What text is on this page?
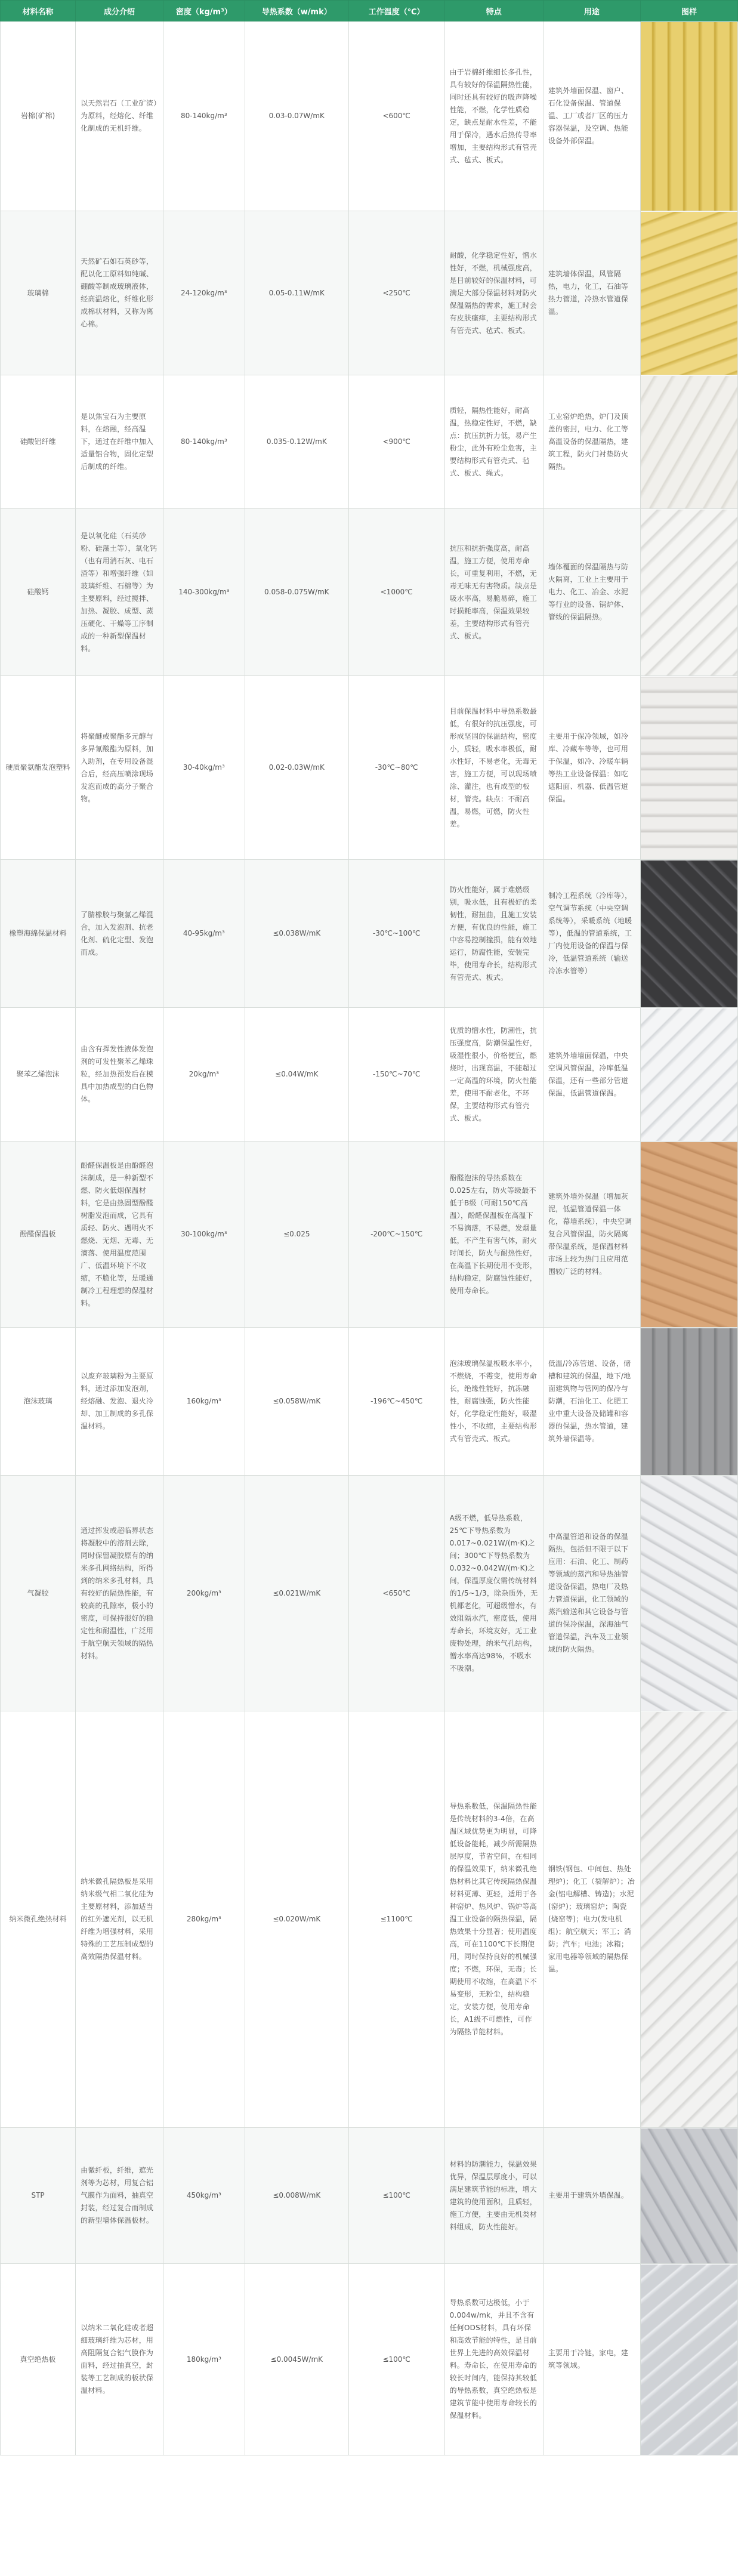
材料名称	成分介绍	密度（kg/m³）	导热系数（w/mk）	工作温度（℃）	特点	用途	图样
岩棉(矿棉)	以天然岩石（工业矿渣）为原料，经熔化、纤维化制成的无机纤维。	80-140kg/m³	0.03-0.07W/mK	<600℃	由于岩棉纤维细长多孔性，具有较好的保温隔热性能，同时还具有较好的吸声降噪性能，不燃，化学性质稳定，缺点是耐水性差，不能用于保冷，遇水后热传导率增加，主要结构形式有管壳式、毡式、板式。	建筑外墙面保温、窗户、石化设备保温、管道保温、工厂或者厂区的压力容器保温，及空调、热能设备外部保温。	

玻璃棉	天然矿石如石英砂等，配以化工原料如纯碱、硼酸等制成玻璃液体，经高温熔化，纤维化形成棉状材料，又称为离心棉。	24-120kg/m³	0.05-0.11W/mK	<250℃	耐酸，化学稳定性好，憎水性好，不燃，机械强度高，是目前较好的保温材料，可满足大部分保温材料对防火保温隔热的需求，施工时会有皮肤瘙痒，主要结构形式有管壳式、毡式、板式。	建筑墙体保温，风管隔热，电力，化工，石油等热力管道，冷热水管道保温。	

硅酸铝纤维	是以焦宝石为主要原料，在熔融，经高温下，通过在纤维中加入适量铝合物，固化定型后制成的纤维。	80-140kg/m³	0.035-0.12W/mK	<900℃	质轻，隔热性能好，耐高温，热稳定性好，不燃，缺点：抗压抗折力低，易产生粉尘，此外有粉尘危害，主要结构形式有管壳式、毡式、板式、绳式。	工业窑炉绝热，炉门及顶盖的密封，电力、化工等高温设备的保温隔热，建筑工程，防火门衬垫防火隔热。	

硅酸钙	是以氧化硅（石英砂粉、硅藻土等），氧化钙（也有用消石灰、电石渣等）和增强纤维（如玻璃纤维、石棉等）为主要原料，经过搅拌、加热、凝胶、成型、蒸压硬化、干燥等工序制成的一种新型保温材料。	140-300kg/m³	0.058-0.075W/mK	<1000℃	抗压和抗折强度高，耐高温，施工方便，使用寿命长，可重复利用，不燃，无毒无味无有害物质。缺点是吸水率高，易脆易碎，施工时损耗率高，保温效果较差，主要结构形式有管壳式、板式。	墙体覆面的保温隔热与防火隔离，工业上主要用于电力、化工、冶金、水泥等行业的设备、锅炉体、管线的保温隔热。	

硬质聚氨酯发泡塑料	将聚醚或聚酯多元醇与多异氰酸酯为原料，加入助剂，在专用设备混合后，经高压喷涂现场发泡而成的高分子聚合物。	30-40kg/m³	0.02-0.03W/mK	-30℃~80℃	目前保温材料中导热系数最低，有很好的抗压强度，可形成坚固的保温结构，密度小，质轻，吸水率极低，耐水性好，不易老化，无毒无害，施工方便，可以现场喷涂、灌注，也有成型的板材，管壳。缺点：不耐高温，易燃，可燃，防火性差。	主要用于保冷领域，如冷库、冷藏车等等，也可用于保温，如冷、冷暖车辆等热工业设备保温：如吃遮阳面、机器、低温管道保温。	

橡塑海绵保温材料	了腈橡胶与聚氯乙烯混合，加入发泡剂、抗老化剂、硫化定型、发泡而成。	40-95kg/m³	≤0.038W/mK	-30℃~100℃	防火性能好，属于难燃级别，吸水低，且有极好的柔韧性，耐扭曲，且施工安装方便，有优良的性能，施工中容易控制撞损，能有效地运行，防腐性能，安装完毕，使用寿命长，结构形式有管壳式、板式。	制冷工程系统（冷库等），空气调节系统（中央空调系统等），采暖系统（地暖等），低温的管道系统，工厂内使用设备的保温与保冷，低温管道系统（输送冷冻水管等）	

聚苯乙烯泡沫	由含有挥发性液体发泡剂的可发性聚苯乙烯珠粒，经加热预发后在模具中加热成型的白色物体。	20kg/m³	≤0.04W/mK	-150℃~70℃	优质的憎水性，防潮性，抗压强度高，防潮保温性好，吸湿性很小，价格便宜，燃烧时，出现高温，不能超过一定高温的环境，防火性能差，使用不耐老化，不环保，主要结构形式有管壳式、板式。	建筑外墙墙面保温，中央空调风管保温，冷库低温保温，还有一些部分管道保温，低温管道保温。	

酚醛保温板	酚醛保温板是由酚醛泡沫制成，是一种新型不燃、防火低烟保温材料，它是由热固型酚醛树脂发泡而成，它具有质轻、防火、遇明火不燃烧、无烟、无毒、无滴落、使用温度范围广、低温环境下不收缩，不脆化等，是暖通制冷工程理想的保温材料。	30-100kg/m³	≤0.025	-200℃~150℃	酚醛泡沫的导热系数在0.025左右，防火等级最不低于B级（可耐150℃高温），酚醛保温板在高温下不易滴落，不易燃，发烟量低，不产生有害气体，耐火时间长，防火与耐热性好，在高温下长期使用不变形，结构稳定，防腐蚀性能好，使用寿命长。	建筑外墙外保温（增加灰泥，低温管道保温一体化，幕墙系统），中央空调复合风管保温，防火隔离带保温系统，是保温材料市场上较为热门且应用范围较广泛的材料。	

泡沫玻璃	以废弃玻璃粉为主要原料，通过添加发泡剂，经熔融、发泡、退火冷却、加工制成的多孔保温材料。	160kg/m³	≤0.058W/mK	-196℃~450℃	泡沫玻璃保温板吸水率小，不燃烧，不霉变，使用寿命长，绝缘性能好，抗冻融性，耐腐蚀强，防火性能好，化学稳定性能好，吸湿性小，不收缩，主要结构形式有管壳式、板式。	低温/冷冻管道、设备，储槽和建筑的保温，地下/地面建筑物与管网的保冷与防潮，石油化工、化肥工业中重大设备及储罐和容器的保温，热水管道，建筑外墙保温等。	

气凝胶	通过挥发或超临界状态将凝胶中的溶剂去除，同时保留凝胶原有的纳米多孔网络结构，所得到的纳米多孔材料，具有较好的隔热性能，有较高的孔隙率，极小的密度，可保持很好的稳定性和耐温性，广泛用于航空航天领域的隔热材料。	200kg/m³	≤0.021W/mK	<650℃	A级不燃，低导热系数，25℃下导热系数为0.017~0.021W/(m·K)之间；300℃下导热系数为0.032~0.042W/(m·K)之间，保温厚度仅需传统材料的1/5~1/3，除杂质外，无机都老化，可超级憎水，有效阻隔水汽，密度低，使用寿命长，环境友好，无工业废物处理，纳米气孔结构，憎水率高达98%，不吸水不吸潮。	中高温管道和设备的保温隔热，包括但不限于以下应用：石油、化工、制药等领域的蒸汽和导热油管道设备保温，热电厂及热力管道保温，化工领域的蒸汽输送和其它设备与管道的保冷保温，深海油气管道保温，汽车及工业领域的防火隔热。	

纳米微孔绝热材料	纳米微孔隔热板是采用纳米级气相二氧化硅为主要原材料，添加适当的红外遮光剂，以无机纤维为增强材料，采用特殊的工艺压制成型的高效隔热保温材料。	280kg/m³	≤0.020W/mK	≤1100℃	导热系数低，保温隔热性能是传统材料的3-4倍，在高温区域优势更为明显，可降低设备能耗，减少所需隔热层厚度，节省空间，在相同的保温效果下，纳米微孔绝热材料比其它传统隔热保温材料更薄、更轻，适用于各种窑炉、热风炉、锅炉等高温工业设备的隔热保温，隔热效果十分显著；使用温度高，可在1100℃下长期使用，同时保持良好的机械强度；不燃，环保，无毒；长期使用不收缩，在高温下不易变形，无粉尘，结构稳定，安装方便，使用寿命长，A1级不可燃性，可作为隔热节能材料。	钢铁(钢包、中间包、热处理炉)；化工（裂解炉）；冶金(铝电解槽、铸造)；水泥(窑炉)；玻璃窑炉；陶瓷(烧窑等)；电力(发电机组)；航空航天；军工；消防；汽车；电池；冰箱；家用电器等领域的隔热保温。	

STP	由微纤板，纤维，遮光剂等为芯材，用复合铝气膜作为面料，抽真空封装，经过复合而制成的新型墙体保温板材。	450kg/m³	≤0.008W/mK	≤100℃	材料的防潮能力，保温效果优异，保温层厚度小，可以满足建筑节能的标准，增大建筑的使用面积，且质轻，施工方便，主要由无机类材料组成，防火性能好。	主要用于建筑外墙保温。	

真空绝热板	以纳米二氧化硅或者超细玻璃纤维为芯材，用高阻隔复合铝气膜作为面料，经过抽真空，封装等工艺制成的板状保温材料。	180kg/m³	≤0.0045W/mK	≤100℃	导热系数可达极低，小于0.004w/mk，并且不含有任何ODS材料，具有环保和高效节能的特性，是目前世界上先进的高效保温材料。寿命长，在使用寿命的较长时间内，能保持其较低的导热系数，真空绝热板是建筑节能中使用寿命较长的保温材料。	主要用于冷链，家电，建筑等领域。	
